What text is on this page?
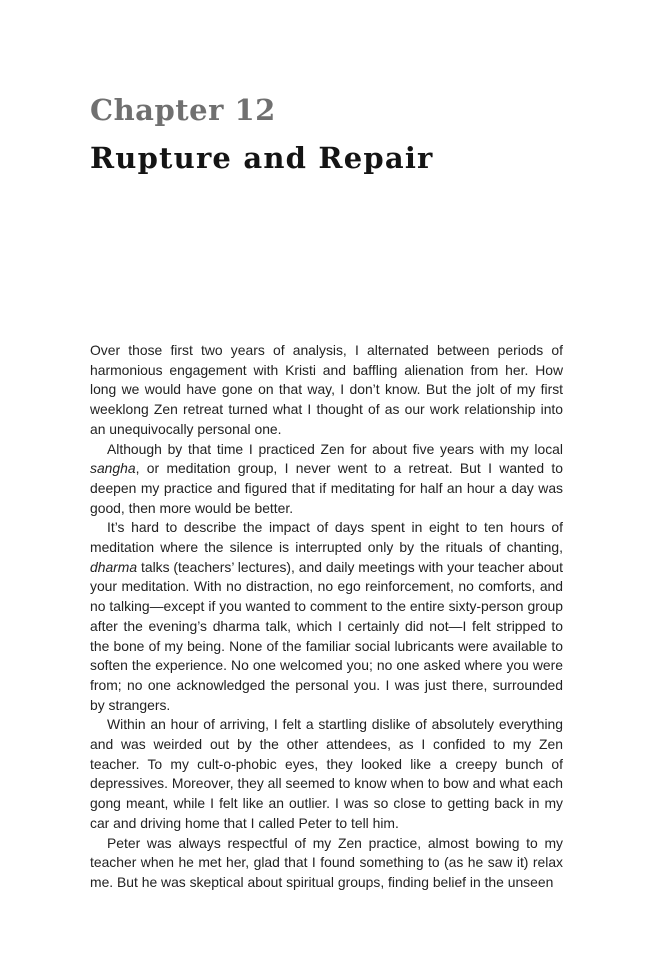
Chapter 12
Rupture and Repair

Over those first two years of analysis, I alternated between periods of harmonious engagement with Kristi and baffling alienation from her. How long we would have gone on that way, I don’t know. But the jolt of my first weeklong Zen retreat turned what I thought of as our work relationship into an unequivocally personal one.

Although by that time I practiced Zen for about five years with my local sangha, or meditation group, I never went to a retreat. But I wanted to deepen my practice and figured that if meditating for half an hour a day was good, then more would be better.

It’s hard to describe the impact of days spent in eight to ten hours of meditation where the silence is interrupted only by the rituals of chanting, dharma talks (teachers’ lectures), and daily meetings with your teacher about your meditation. With no distraction, no ego reinforcement, no comforts, and no talking—except if you wanted to comment to the entire sixty-person group after the evening’s dharma talk, which I certainly did not—I felt stripped to the bone of my being. None of the familiar social lubricants were available to soften the experience. No one welcomed you; no one asked where you were from; no one acknowledged the personal you. I was just there, surrounded by strangers.

Within an hour of arriving, I felt a startling dislike of absolutely everything and was weirded out by the other attendees, as I confided to my Zen teacher. To my cult-o-phobic eyes, they looked like a creepy bunch of depressives. Moreover, they all seemed to know when to bow and what each gong meant, while I felt like an outlier. I was so close to getting back in my car and driving home that I called Peter to tell him.

Peter was always respectful of my Zen practice, almost bowing to my teacher when he met her, glad that I found something to (as he saw it) relax me. But he was skeptical about spiritual groups, finding belief in the unseen
